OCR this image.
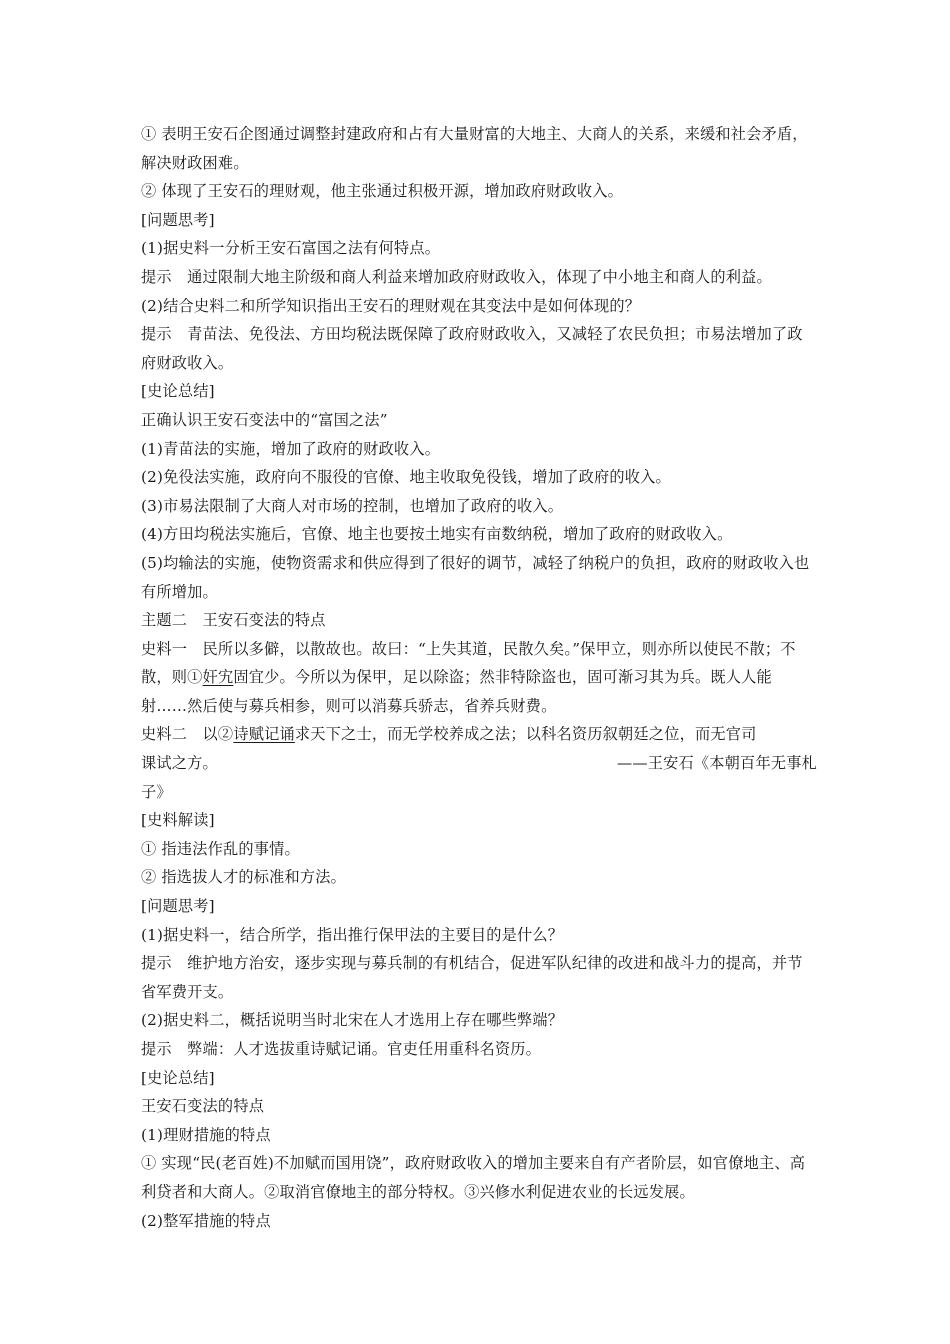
① 表明王安石企图通过调整封建政府和占有大量财富的大地主、大商人的关系，来缓和社会矛盾，解决财政困难。

② 体现了王安石的理财观，他主张通过积极开源，增加政府财政收入。

[问题思考]

(1)据史料一分析王安石富国之法有何特点。

提示　通过限制大地主阶级和商人利益来增加政府财政收入，体现了中小地主和商人的利益。

(2)结合史料二和所学知识指出王安石的理财观在其变法中是如何体现的？

提示　青苗法、免役法、方田均税法既保障了政府财政收入，又减轻了农民负担；市易法增加了政府财政收入。

[史论总结]

正确认识王安石变法中的“富国之法”

(1)青苗法的实施，增加了政府的财政收入。

(2)免役法实施，政府向不服役的官僚、地主收取免役钱，增加了政府的收入。

(3)市易法限制了大商人对市场的控制，也增加了政府的收入。

(4)方田均税法实施后，官僚、地主也要按土地实有亩数纳税，增加了政府的财政收入。

(5)均输法的实施，使物资需求和供应得到了很好的调节，减轻了纳税户的负担，政府的财政收入也有所增加。

主题二　王安石变法的特点

史料一　民所以多僻，以散故也。故曰：“上失其道，民散久矣。”保甲立，则亦所以使民不散；不散，则①奸宄固宜少。今所以为保甲，足以除盗；然非特除盗也，固可渐习其为兵。既人人能射……然后使与募兵相参，则可以消募兵骄志，省养兵财费。

史料二　以②诗赋记诵求天下之士，而无学校养成之法；以科名资历叙朝廷之位，而无官司

课试之方。	——王安石《本朝百年无事札

子》

[史料解读]

① 指违法作乱的事情。

② 指选拔人才的标准和方法。

[问题思考]

(1)据史料一，结合所学，指出推行保甲法的主要目的是什么？

提示　维护地方治安，逐步实现与募兵制的有机结合，促进军队纪律的改进和战斗力的提高，并节省军费开支。

(2)据史料二，概括说明当时北宋在人才选用上存在哪些弊端？

提示　弊端：人才选拔重诗赋记诵。官吏任用重科名资历。

[史论总结]

王安石变法的特点

(1)理财措施的特点

① 实现“民(老百姓)不加赋而国用饶”，政府财政收入的增加主要来自有产者阶层，如官僚地主、高利贷者和大商人。②取消官僚地主的部分特权。③兴修水利促进农业的长远发展。

(2)整军措施的特点
